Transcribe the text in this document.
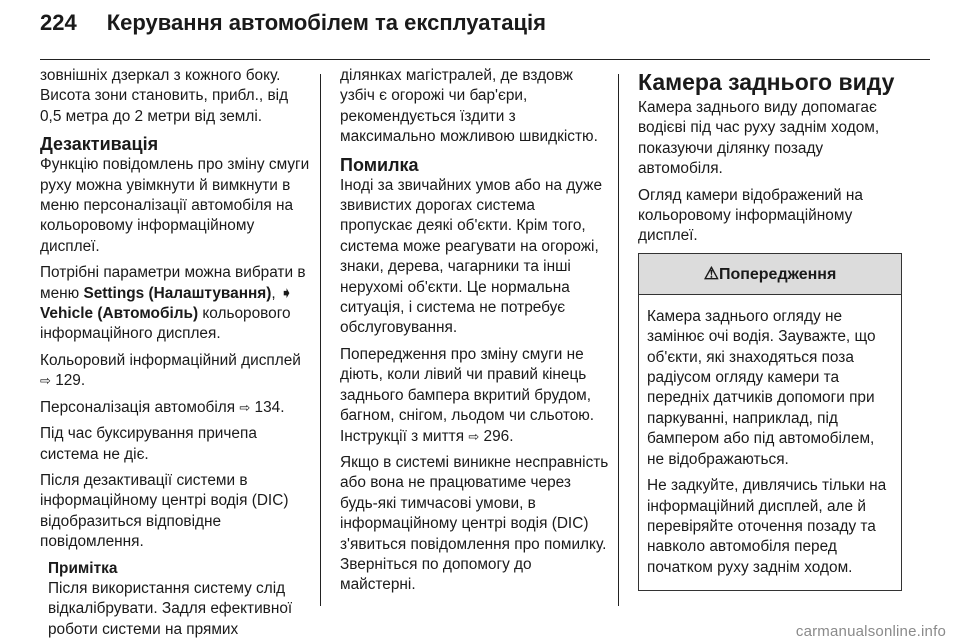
224 Керування автомобілем та експлуатація

зовнішніх дзеркал з кожного боку. Висота зони становить, прибл., від 0,5 метра до 2 метри від землі.

Дезактивація

Функцію повідомлень про зміну смуги руху можна увімкнути й вимкнути в меню персоналізації автомобіля на кольоровому інформаційному дисплеї.

Потрібні параметри можна вибрати в меню Settings (Налаштування), ➧ Vehicle (Автомобіль) кольорового інформаційного дисплея.

Кольоровий інформаційний дисплей ⇨ 129.

Персоналізація автомобіля ⇨ 134.

Під час буксирування причепа система не діє.

Після дезактивації системи в інформаційному центрі водія (DIC) відобразиться відповідне повідомлення.

Примітка
Після використання систему слід відкалібрувати. Задля ефективної роботи системи на прямих

ділянках магістралей, де вздовж узбіч є огорожі чи бар'єри, рекомендується їздити з максимально можливою швидкістю.

Помилка

Іноді за звичайних умов або на дуже звивистих дорогах система пропускає деякі об'єкти. Крім того, система може реагувати на огорожі, знаки, дерева, чагарники та інші нерухомі об'єкти. Це нормальна ситуація, і система не потребує обслуговування.

Попередження про зміну смуги не діють, коли лівий чи правий кінець заднього бампера вкритий брудом, багном, снігом, льодом чи сльотою. Інструкції з миття ⇨ 296.

Якщо в системі виникне несправність або вона не працюватиме через будь-які тимчасові умови, в інформаційному центрі водія (DIC) з'явиться повідомлення про помилку. Зверніться по допомогу до майстерні.

Камера заднього виду

Камера заднього виду допомагає водієві під час руху заднім ходом, показуючи ділянку позаду автомобіля.

Огляд камери відображений на кольоровому інформаційному дисплеї.

⚠Попередження

Камера заднього огляду не замінює очі водія. Зауважте, що об'єкти, які знаходяться поза радіусом огляду камери та передніх датчиків допомоги при паркуванні, наприклад, під бампером або під автомобілем, не відображаються.

Не задкуйте, дивлячись тільки на інформаційний дисплей, але й перевіряйте оточення позаду та навколо автомобіля перед початком руху заднім ходом.

carmanualsonline.info
